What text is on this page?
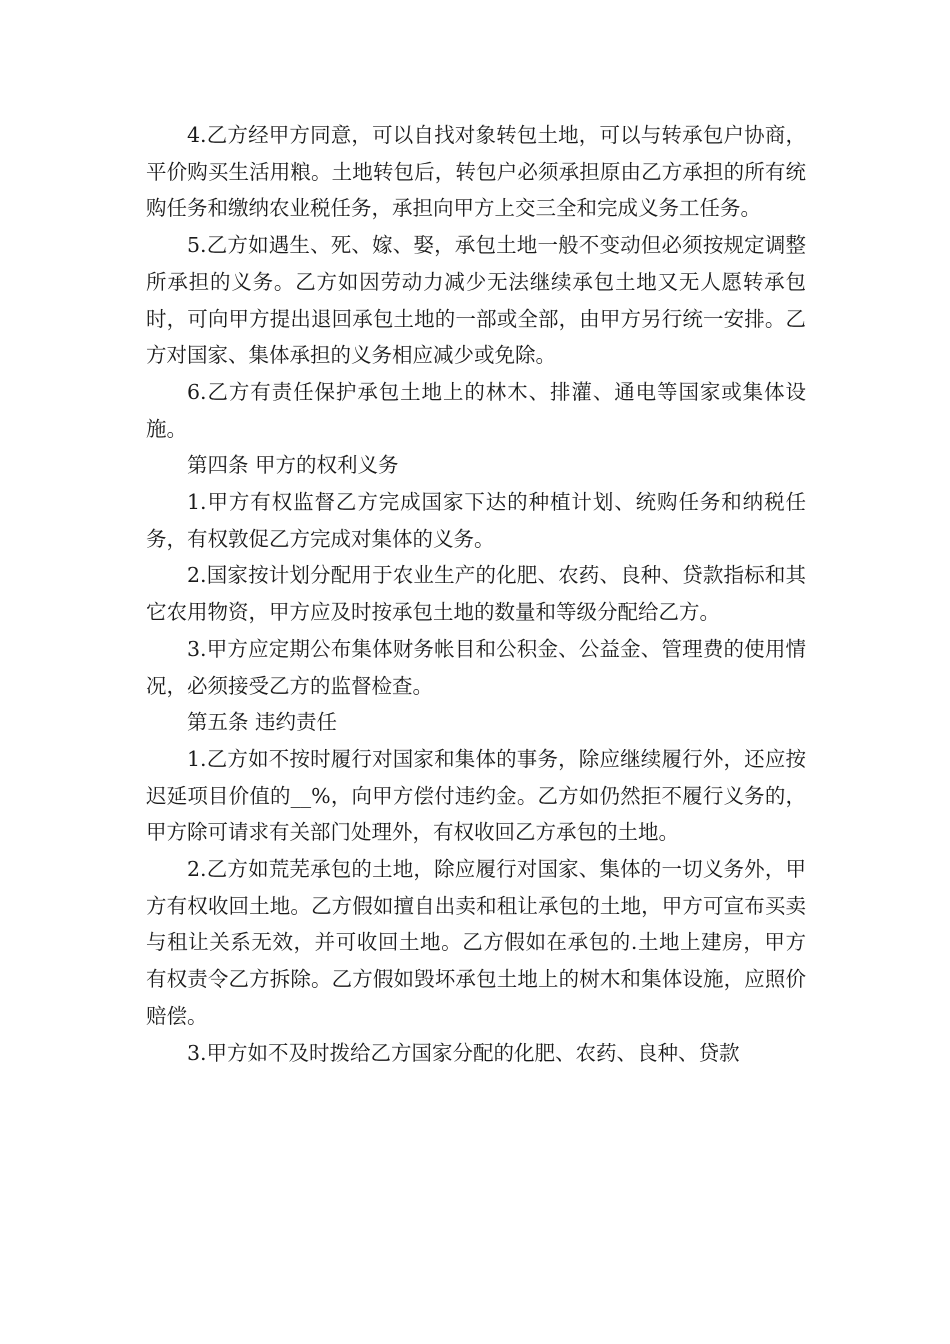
4.乙方经甲方同意，可以自找对象转包土地，可以与转承包户协商，平价购买生活用粮。土地转包后，转包户必须承担原由乙方承担的所有统购任务和缴纳农业税任务，承担向甲方上交三全和完成义务工任务。

5.乙方如遇生、死、嫁、娶，承包土地一般不变动但必须按规定调整所承担的义务。乙方如因劳动力减少无法继续承包土地又无人愿转承包时，可向甲方提出退回承包土地的一部或全部，由甲方另行统一安排。乙方对国家、集体承担的义务相应减少或免除。

6.乙方有责任保护承包土地上的林木、排灌、通电等国家或集体设施。

第四条 甲方的权利义务

1.甲方有权监督乙方完成国家下达的种植计划、统购任务和纳税任务，有权敦促乙方完成对集体的义务。

2.国家按计划分配用于农业生产的化肥、农药、良种、贷款指标和其它农用物资，甲方应及时按承包土地的数量和等级分配给乙方。

3.甲方应定期公布集体财务帐目和公积金、公益金、管理费的使用情况，必须接受乙方的监督检查。

第五条 违约责任

1.乙方如不按时履行对国家和集体的事务，除应继续履行外，还应按迟延项目价值的__%，向甲方偿付违约金。乙方如仍然拒不履行义务的，甲方除可请求有关部门处理外，有权收回乙方承包的土地。

2.乙方如荒芜承包的土地，除应履行对国家、集体的一切义务外，甲方有权收回土地。乙方假如擅自出卖和租让承包的土地，甲方可宣布买卖与租让关系无效，并可收回土地。乙方假如在承包的.土地上建房，甲方有权责令乙方拆除。乙方假如毁坏承包土地上的树木和集体设施，应照价赔偿。

3.甲方如不及时拨给乙方国家分配的化肥、农药、良种、贷款
